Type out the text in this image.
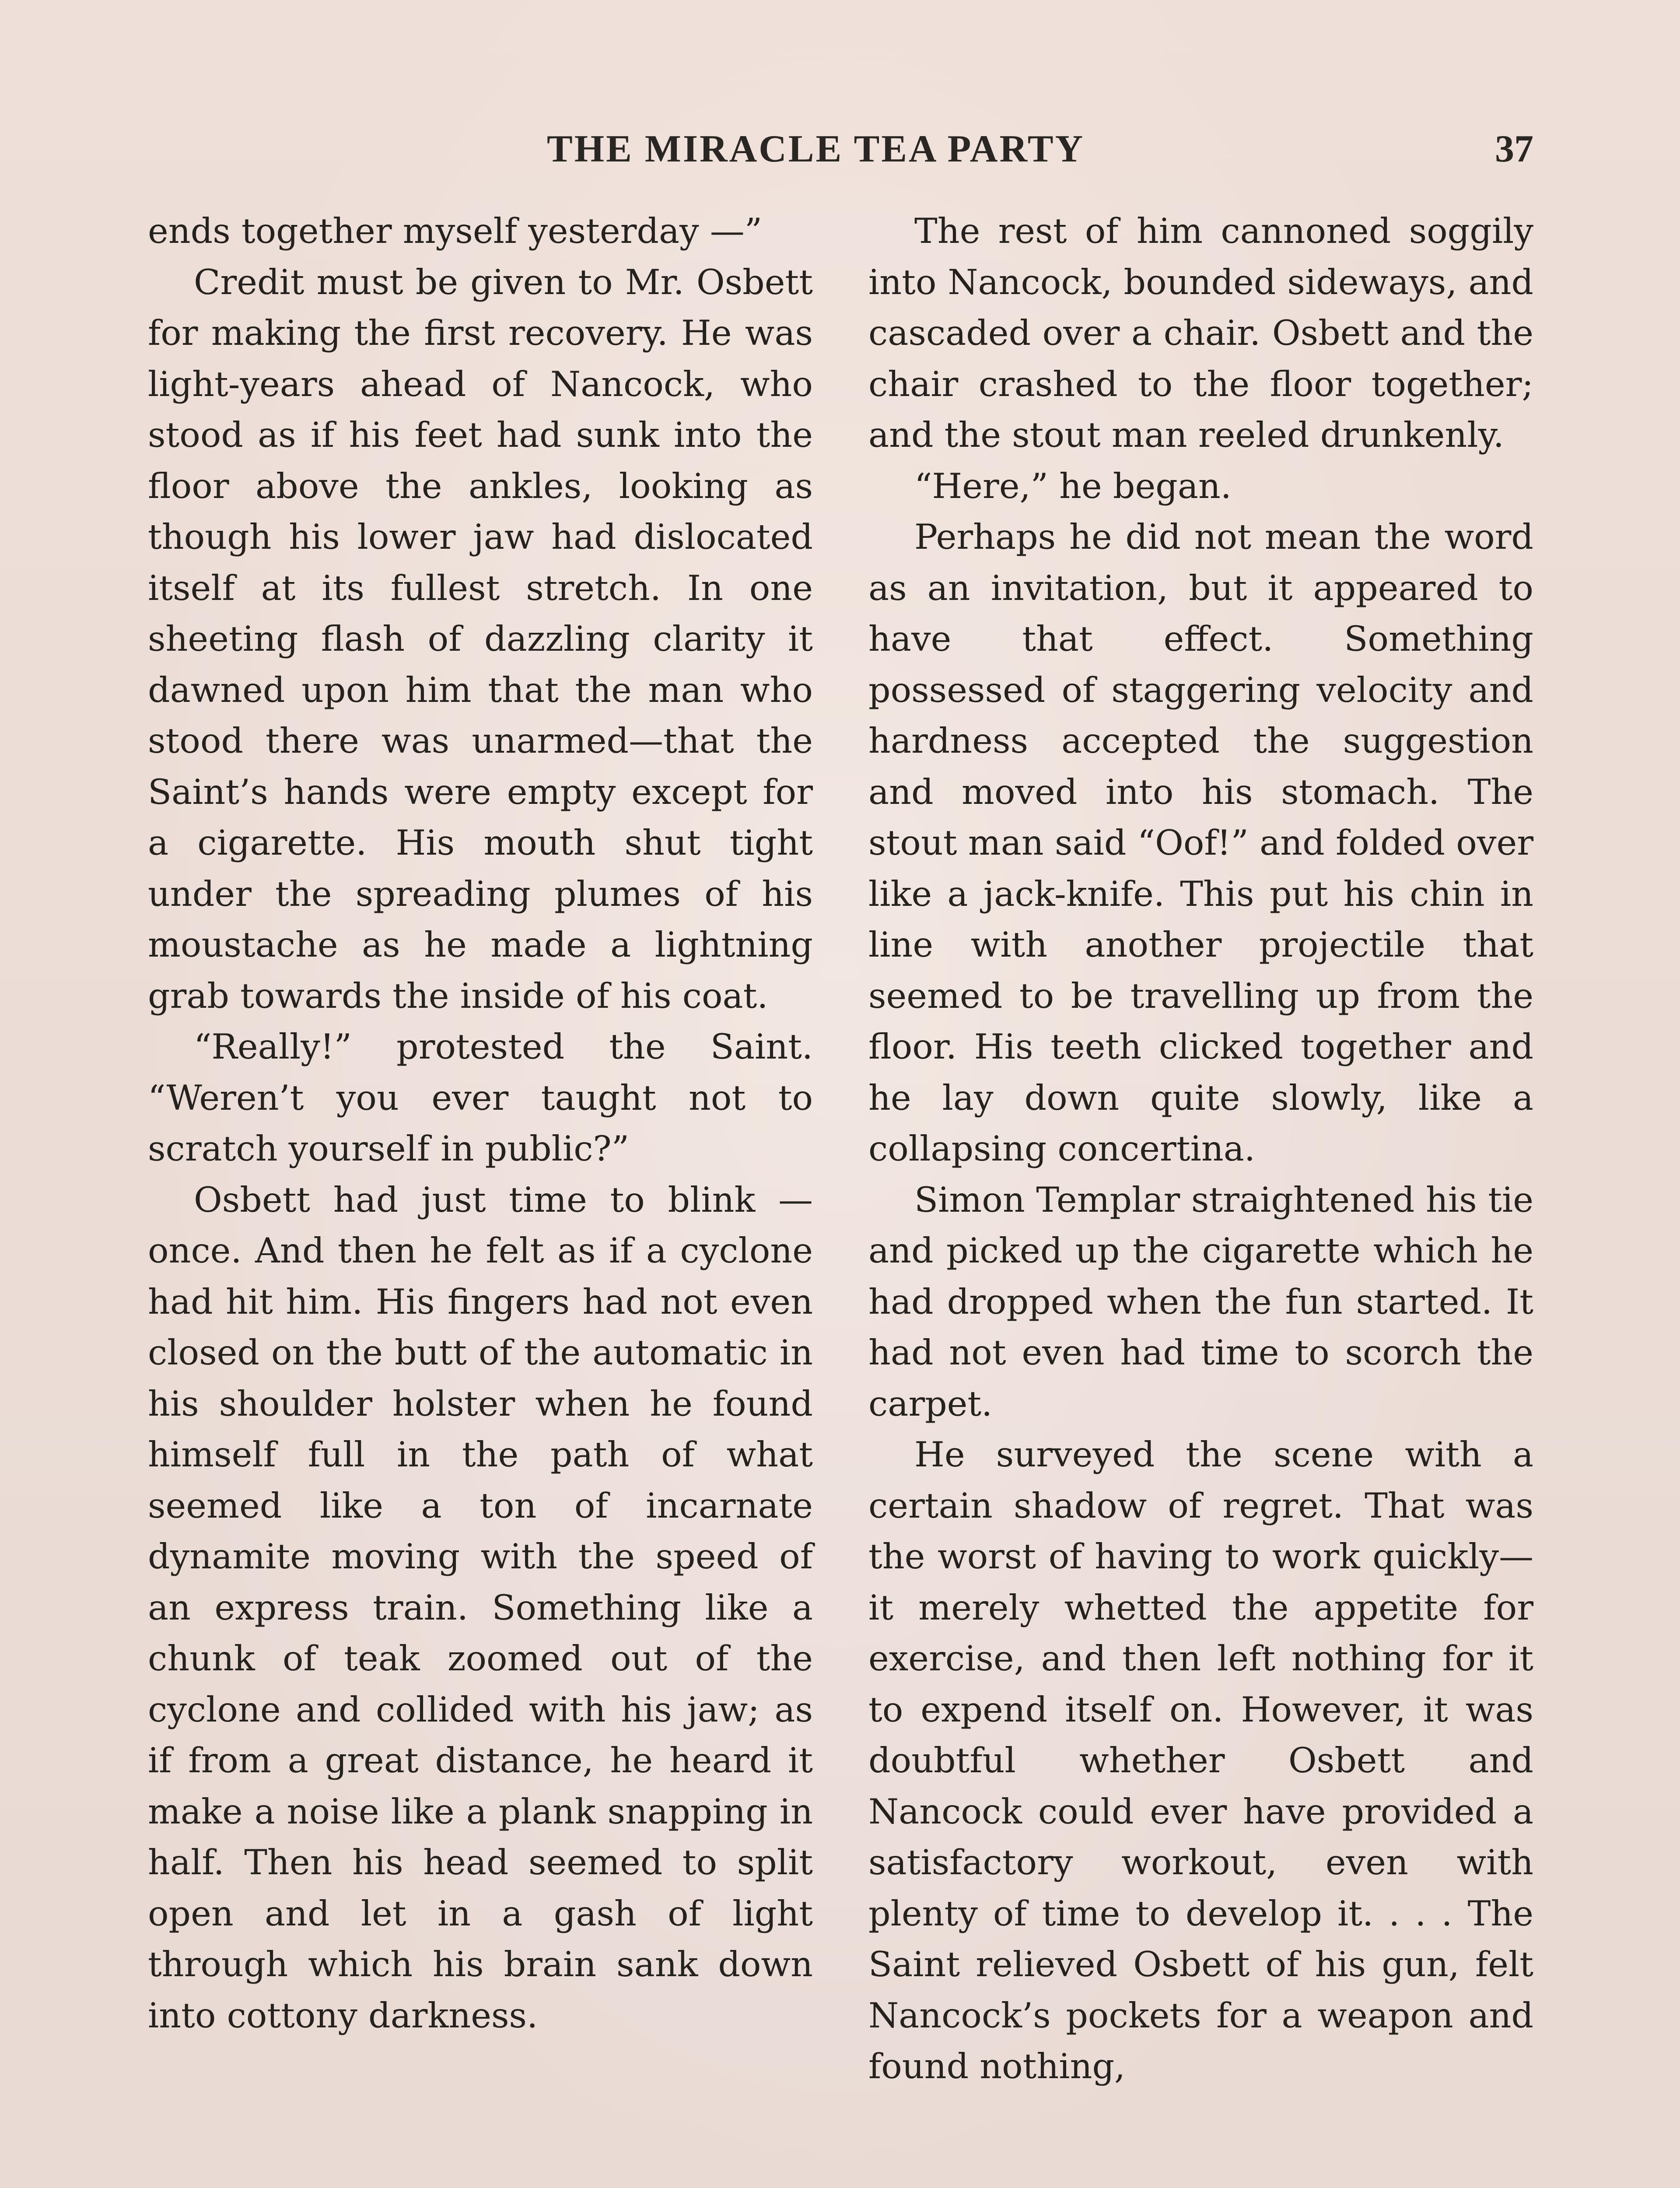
THE MIRACLE TEA PARTY	37

ends together myself yesterday —”

Credit must be given to Mr. Osbett for making the first recovery. He was light-years ahead of Nancock, who stood as if his feet had sunk into the floor above the ankles, looking as though his lower jaw had dislocated itself at its fullest stretch. In one sheeting flash of dazzling clarity it dawned upon him that the man who stood there was unarmed—that the Saint’s hands were empty except for a cigarette. His mouth shut tight under the spreading plumes of his moustache as he made a lightning grab towards the inside of his coat.

“Really!” protested the Saint. “Weren’t you ever taught not to scratch yourself in public?”

Osbett had just time to blink —once. And then he felt as if a cyclone had hit him. His fingers had not even closed on the butt of the automatic in his shoulder holster when he found himself full in the path of what seemed like a ton of incarnate dynamite moving with the speed of an express train. Something like a chunk of teak zoomed out of the cyclone and collided with his jaw; as if from a great distance, he heard it make a noise like a plank snapping in half. Then his head seemed to split open and let in a gash of light through which his brain sank down into cottony darkness.

The rest of him cannoned soggily into Nancock, bounded sideways, and cascaded over a chair. Osbett and the chair crashed to the floor together; and the stout man reeled drunkenly.

“Here,” he began.

Perhaps he did not mean the word as an invitation, but it appeared to have that effect. Something possessed of staggering velocity and hardness accepted the suggestion and moved into his stomach. The stout man said “Oof!” and folded over like a jack-knife. This put his chin in line with another projectile that seemed to be travelling up from the floor. His teeth clicked together and he lay down quite slowly, like a collapsing concertina.

Simon Templar straightened his tie and picked up the cigarette which he had dropped when the fun started. It had not even had time to scorch the carpet.

He surveyed the scene with a certain shadow of regret. That was the worst of having to work quickly—it merely whetted the appetite for exercise, and then left nothing for it to expend itself on. However, it was doubtful whether Osbett and Nancock could ever have provided a satisfactory workout, even with plenty of time to develop it. . . . The Saint relieved Osbett of his gun, felt Nancock’s pockets for a weapon and found nothing,
